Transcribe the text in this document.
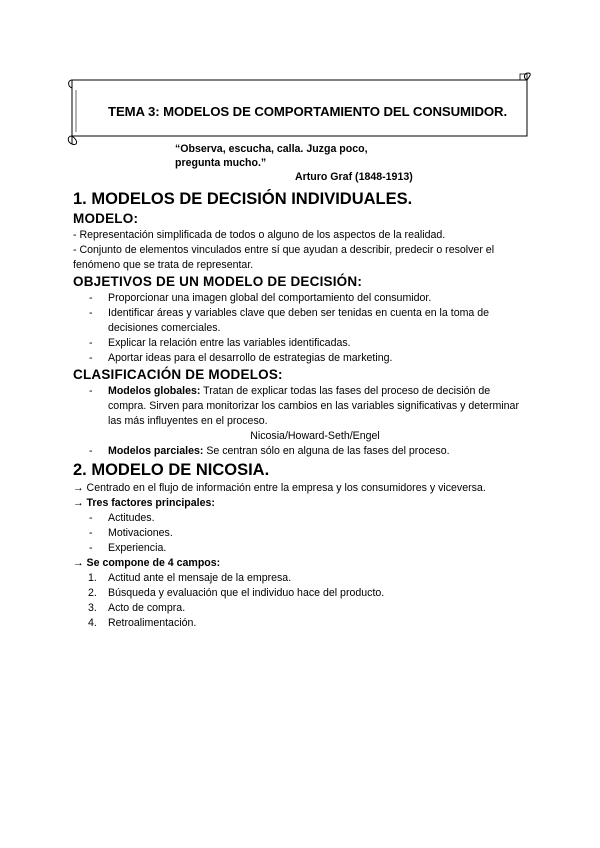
TEMA 3: MODELOS DE COMPORTAMIENTO DEL CONSUMIDOR.
“Observa, escucha, calla. Juzga poco,
pregunta mucho.”
Arturo Graf (1848-1913)
1. MODELOS DE DECISIÓN INDIVIDUALES.
MODELO:
- Representación simplificada de todos o alguno de los aspectos de la realidad.
- Conjunto de elementos vinculados entre sí que ayudan a describir, predecir o resolver el fenómeno que se trata de representar.
OBJETIVOS DE UN MODELO DE DECISIÓN:
- Proporcionar una imagen global del comportamiento del consumidor.
- Identificar áreas y variables clave que deben ser tenidas en cuenta en la toma de decisiones comerciales.
- Explicar la relación entre las variables identificadas.
- Aportar ideas para el desarrollo de estrategias de marketing.
CLASIFICACIÓN DE MODELOS:
- Modelos globales: Tratan de explicar todas las fases del proceso de decisión de compra. Sirven para monitorizar los cambios en las variables significativas y determinar las más influyentes en el proceso.
Nicosia/Howard-Seth/Engel
- Modelos parciales: Se centran sólo en alguna de las fases del proceso.
2. MODELO DE NICOSIA.
→ Centrado en el flujo de información entre la empresa y los consumidores y viceversa.
→ Tres factores principales:
- Actitudes.
- Motivaciones.
- Experiencia.
→ Se compone de 4 campos:
1. Actitud ante el mensaje de la empresa.
2. Búsqueda y evaluación que el individuo hace del producto.
3. Acto de compra.
4. Retroalimentación.
